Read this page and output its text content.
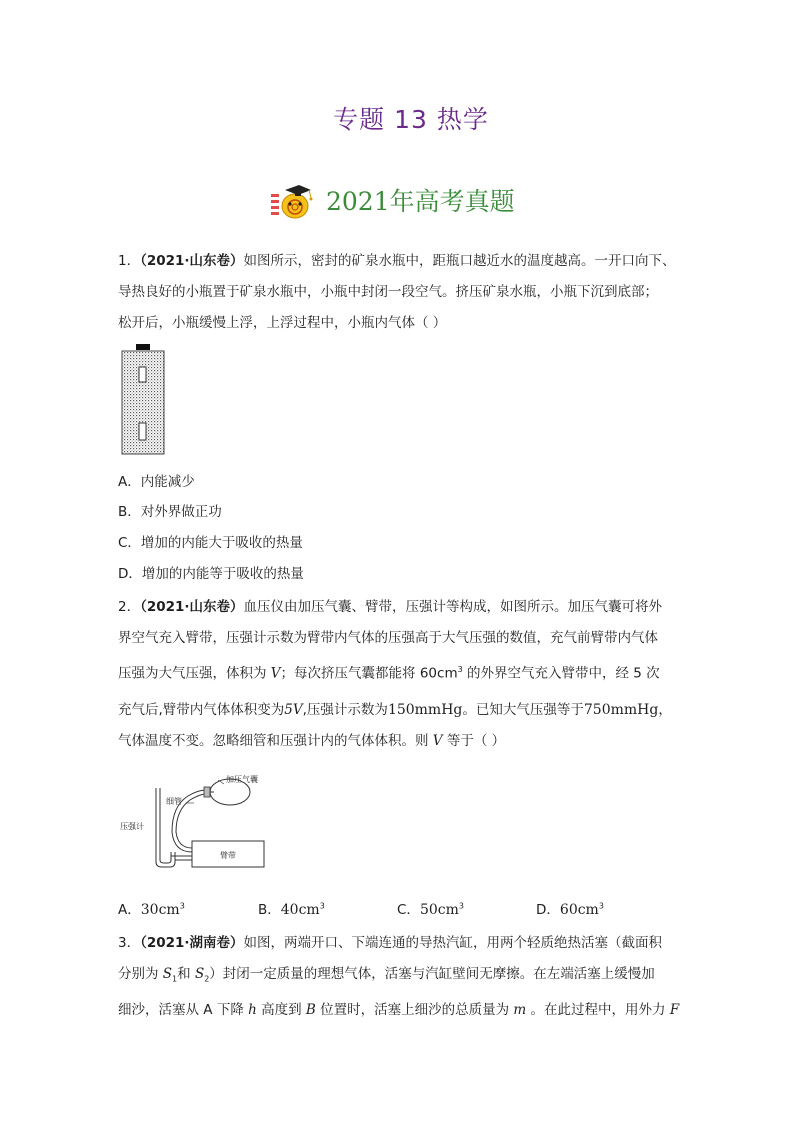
专题 13 热学
2021年高考真题

1．（2021·山东卷）如图所示，密封的矿泉水瓶中，距瓶口越近水的温度越高。一开口向下、
导热良好的小瓶置于矿泉水瓶中，小瓶中封闭一段空气。挤压矿泉水瓶，小瓶下沉到底部；
松开后，小瓶缓慢上浮，上浮过程中，小瓶内气体（ ）

A．内能减少
B．对外界做正功
C．增加的内能大于吸收的热量
D．增加的内能等于吸收的热量

2．（2021·山东卷）血压仪由加压气囊、臂带，压强计等构成，如图所示。加压气囊可将外
界空气充入臂带，压强计示数为臂带内气体的压强高于大气压强的数值，充气前臂带内气体
压强为大气压强，体积为 V；每次挤压气囊都能将 $60cm^3$ 的外界空气充入臂带中，经 5 次

充气后,臂带内气体体积变为5V,压强计示数为150mmHg。已知大气压强等于750mmHg，
气体温度不变。忽略细管和压强计内的气体体积。则 V 等于（ ）

加压气囊
细管
压强计
臂带
A．$30cm^3$	B．$40cm^3$	C．$50cm^3$	D．$60cm^3$

3．（2021·湖南卷）如图，两端开口、下端连通的导热汽缸，用两个轻质绝热活塞（截面积
分别为 $S_1$和 $S_2$）封闭一定质量的理想气体，活塞与汽缸壁间无摩擦。在左端活塞上缓慢加
细沙，活塞从 A 下降 h 高度到 B 位置时，活塞上细沙的总质量为 m 。在此过程中，用外力 F
